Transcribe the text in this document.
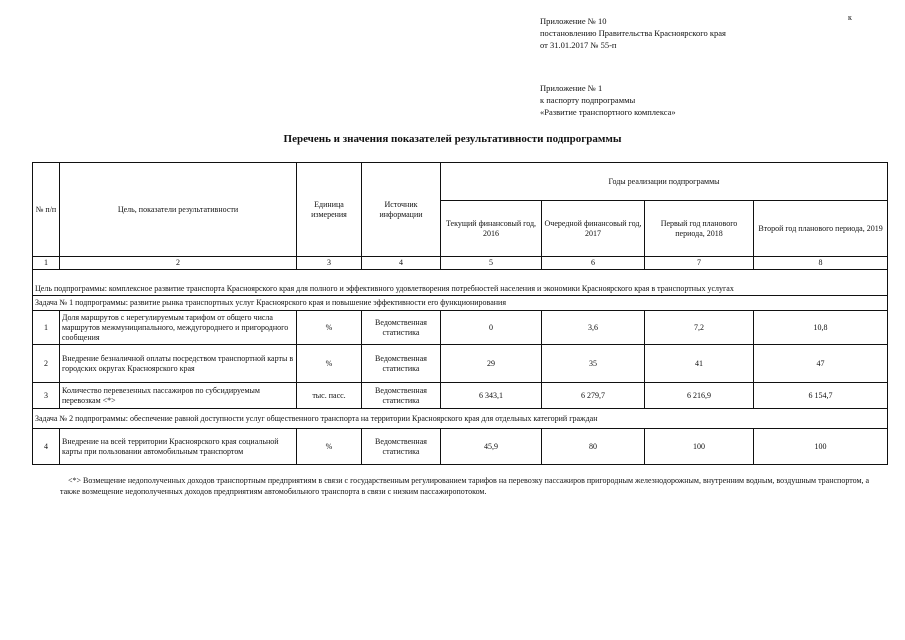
Приложение № 10
постановлению Правительства Красноярского края
от 31.01.2017 № 55-п
к
Приложение № 1
к паспорту подпрограммы
«Развитие транспортного комплекса»
Перечень и значения показателей результативности подпрограммы
№ п/п	Цель, показатели результативности	Единица измерения	Источник информации	Годы реализации подпрограммы			
				Текущий финансовый год, 2016	Очередной финансовый год, 2017	Первый год планового периода, 2018	Второй год планового периода, 2019
1	2	3	4	5	6	7	8
Цель подпрограммы: комплексное развитие транспорта Красноярского края для полного и эффективного удовлетворения потребностей населения и экономики Красноярского края в транспортных услугах							
Задача № 1 подпрограммы: развитие рынка транспортных услуг Красноярского края и повышение эффективности его функционирования							
1	Доля маршрутов с нерегулируемым тарифом от общего числа маршрутов межмуниципального, междугороднего и пригородного сообщения	%	Ведомственная статистика	0	3,6	7,2	10,8
2	Внедрение безналичной оплаты посредством транспортной карты в городских округах Красноярского края	%	Ведомственная статистика	29	35	41	47
3	Количество перевезенных пассажиров по субсидируемым перевозкам <*>	тыс. пасс.	Ведомственная статистика	6 343,1	6 279,7	6 216,9	6 154,7
Задача № 2 подпрограммы: обеспечение равной доступности услуг общественного транспорта на территории Красноярского края для отдельных категорий граждан							
4	Внедрение на всей территории Красноярского края социальной карты при пользовании автомобильным транспортом	%	Ведомственная статистика	45,9	80	100	100
<*> Возмещение недополученных доходов транспортным предприятиям в связи с государственным регулированием тарифов на перевозку пассажиров пригородным железнодорожным, внутренним водным, воздушным транспортом, а также возмещение недополученных доходов предприятиям автомобильного транспорта в связи с низким пассажиропотоком.
